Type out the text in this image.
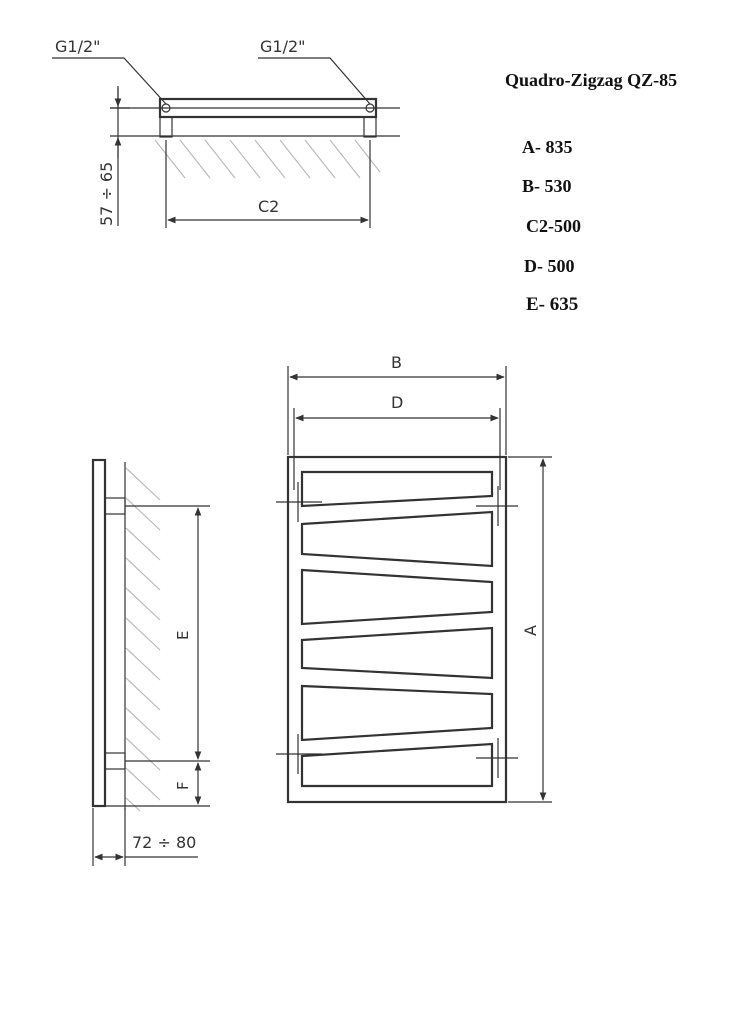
Quadro-Zigzag QZ-85
A- 835
B- 530
C2-500
D- 500
E- 635
G1/2"	G1/2"
57 ÷ 65	C2
E
F
72 ÷ 80
B
D
A
